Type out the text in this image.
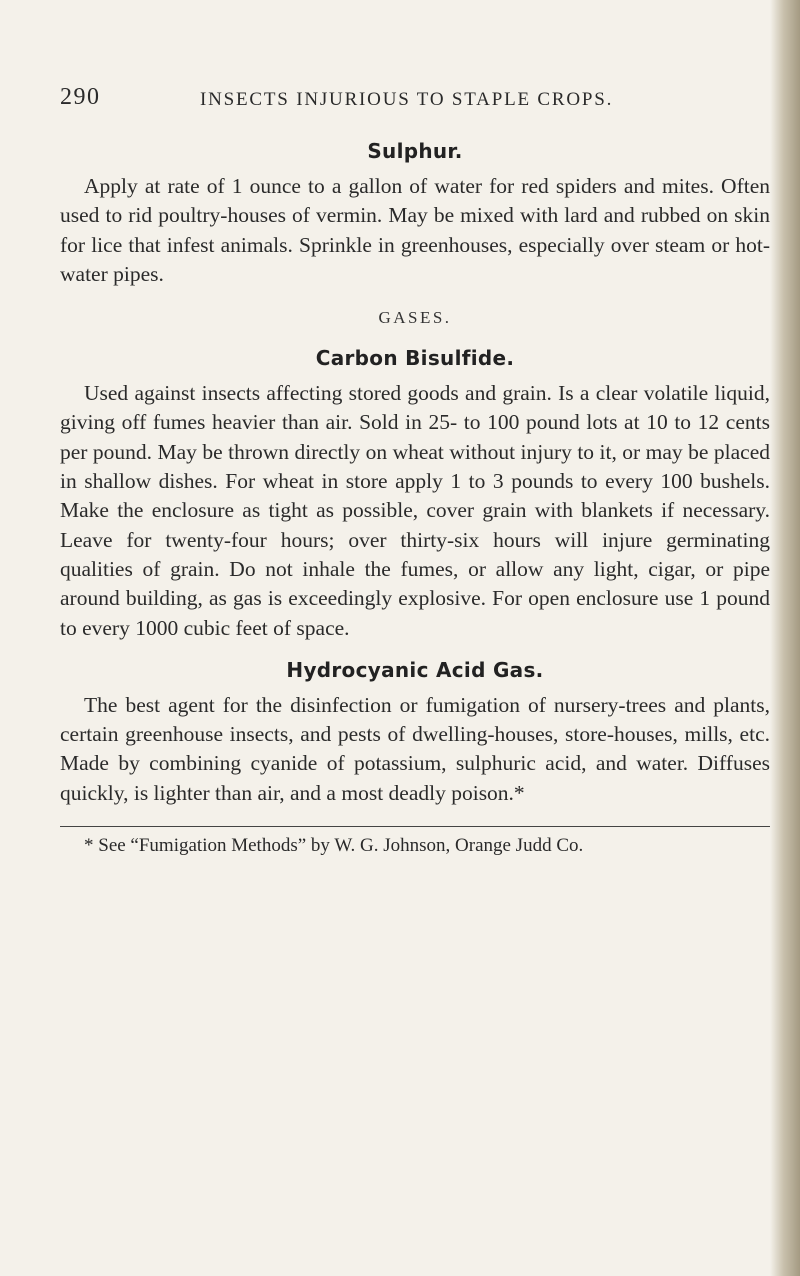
290	INSECTS INJURIOUS TO STAPLE CROPS.
Sulphur.

Apply at rate of 1 ounce to a gallon of water for red spiders and mites. Often used to rid poultry-houses of vermin. May be mixed with lard and rubbed on skin for lice that infest animals. Sprinkle in greenhouses, especially over steam or hot-water pipes.

GASES.
Carbon Bisulfide.

Used against insects affecting stored goods and grain. Is a clear volatile liquid, giving off fumes heavier than air. Sold in 25- to 100 pound lots at 10 to 12 cents per pound. May be thrown directly on wheat without injury to it, or may be placed in shallow dishes. For wheat in store apply 1 to 3 pounds to every 100 bushels. Make the enclosure as tight as possible, cover grain with blankets if necessary. Leave for twenty-four hours; over thirty-six hours will injure germinating qualities of grain. Do not inhale the fumes, or allow any light, cigar, or pipe around building, as gas is exceedingly explosive. For open enclosure use 1 pound to every 1000 cubic feet of space.

Hydrocyanic Acid Gas.

The best agent for the disinfection or fumigation of nursery-trees and plants, certain greenhouse insects, and pests of dwelling-houses, store-houses, mills, etc. Made by combining cyanide of potassium, sulphuric acid, and water. Diffuses quickly, is lighter than air, and a most deadly poison.*

* See “Fumigation Methods” by W. G. Johnson, Orange Judd Co.
